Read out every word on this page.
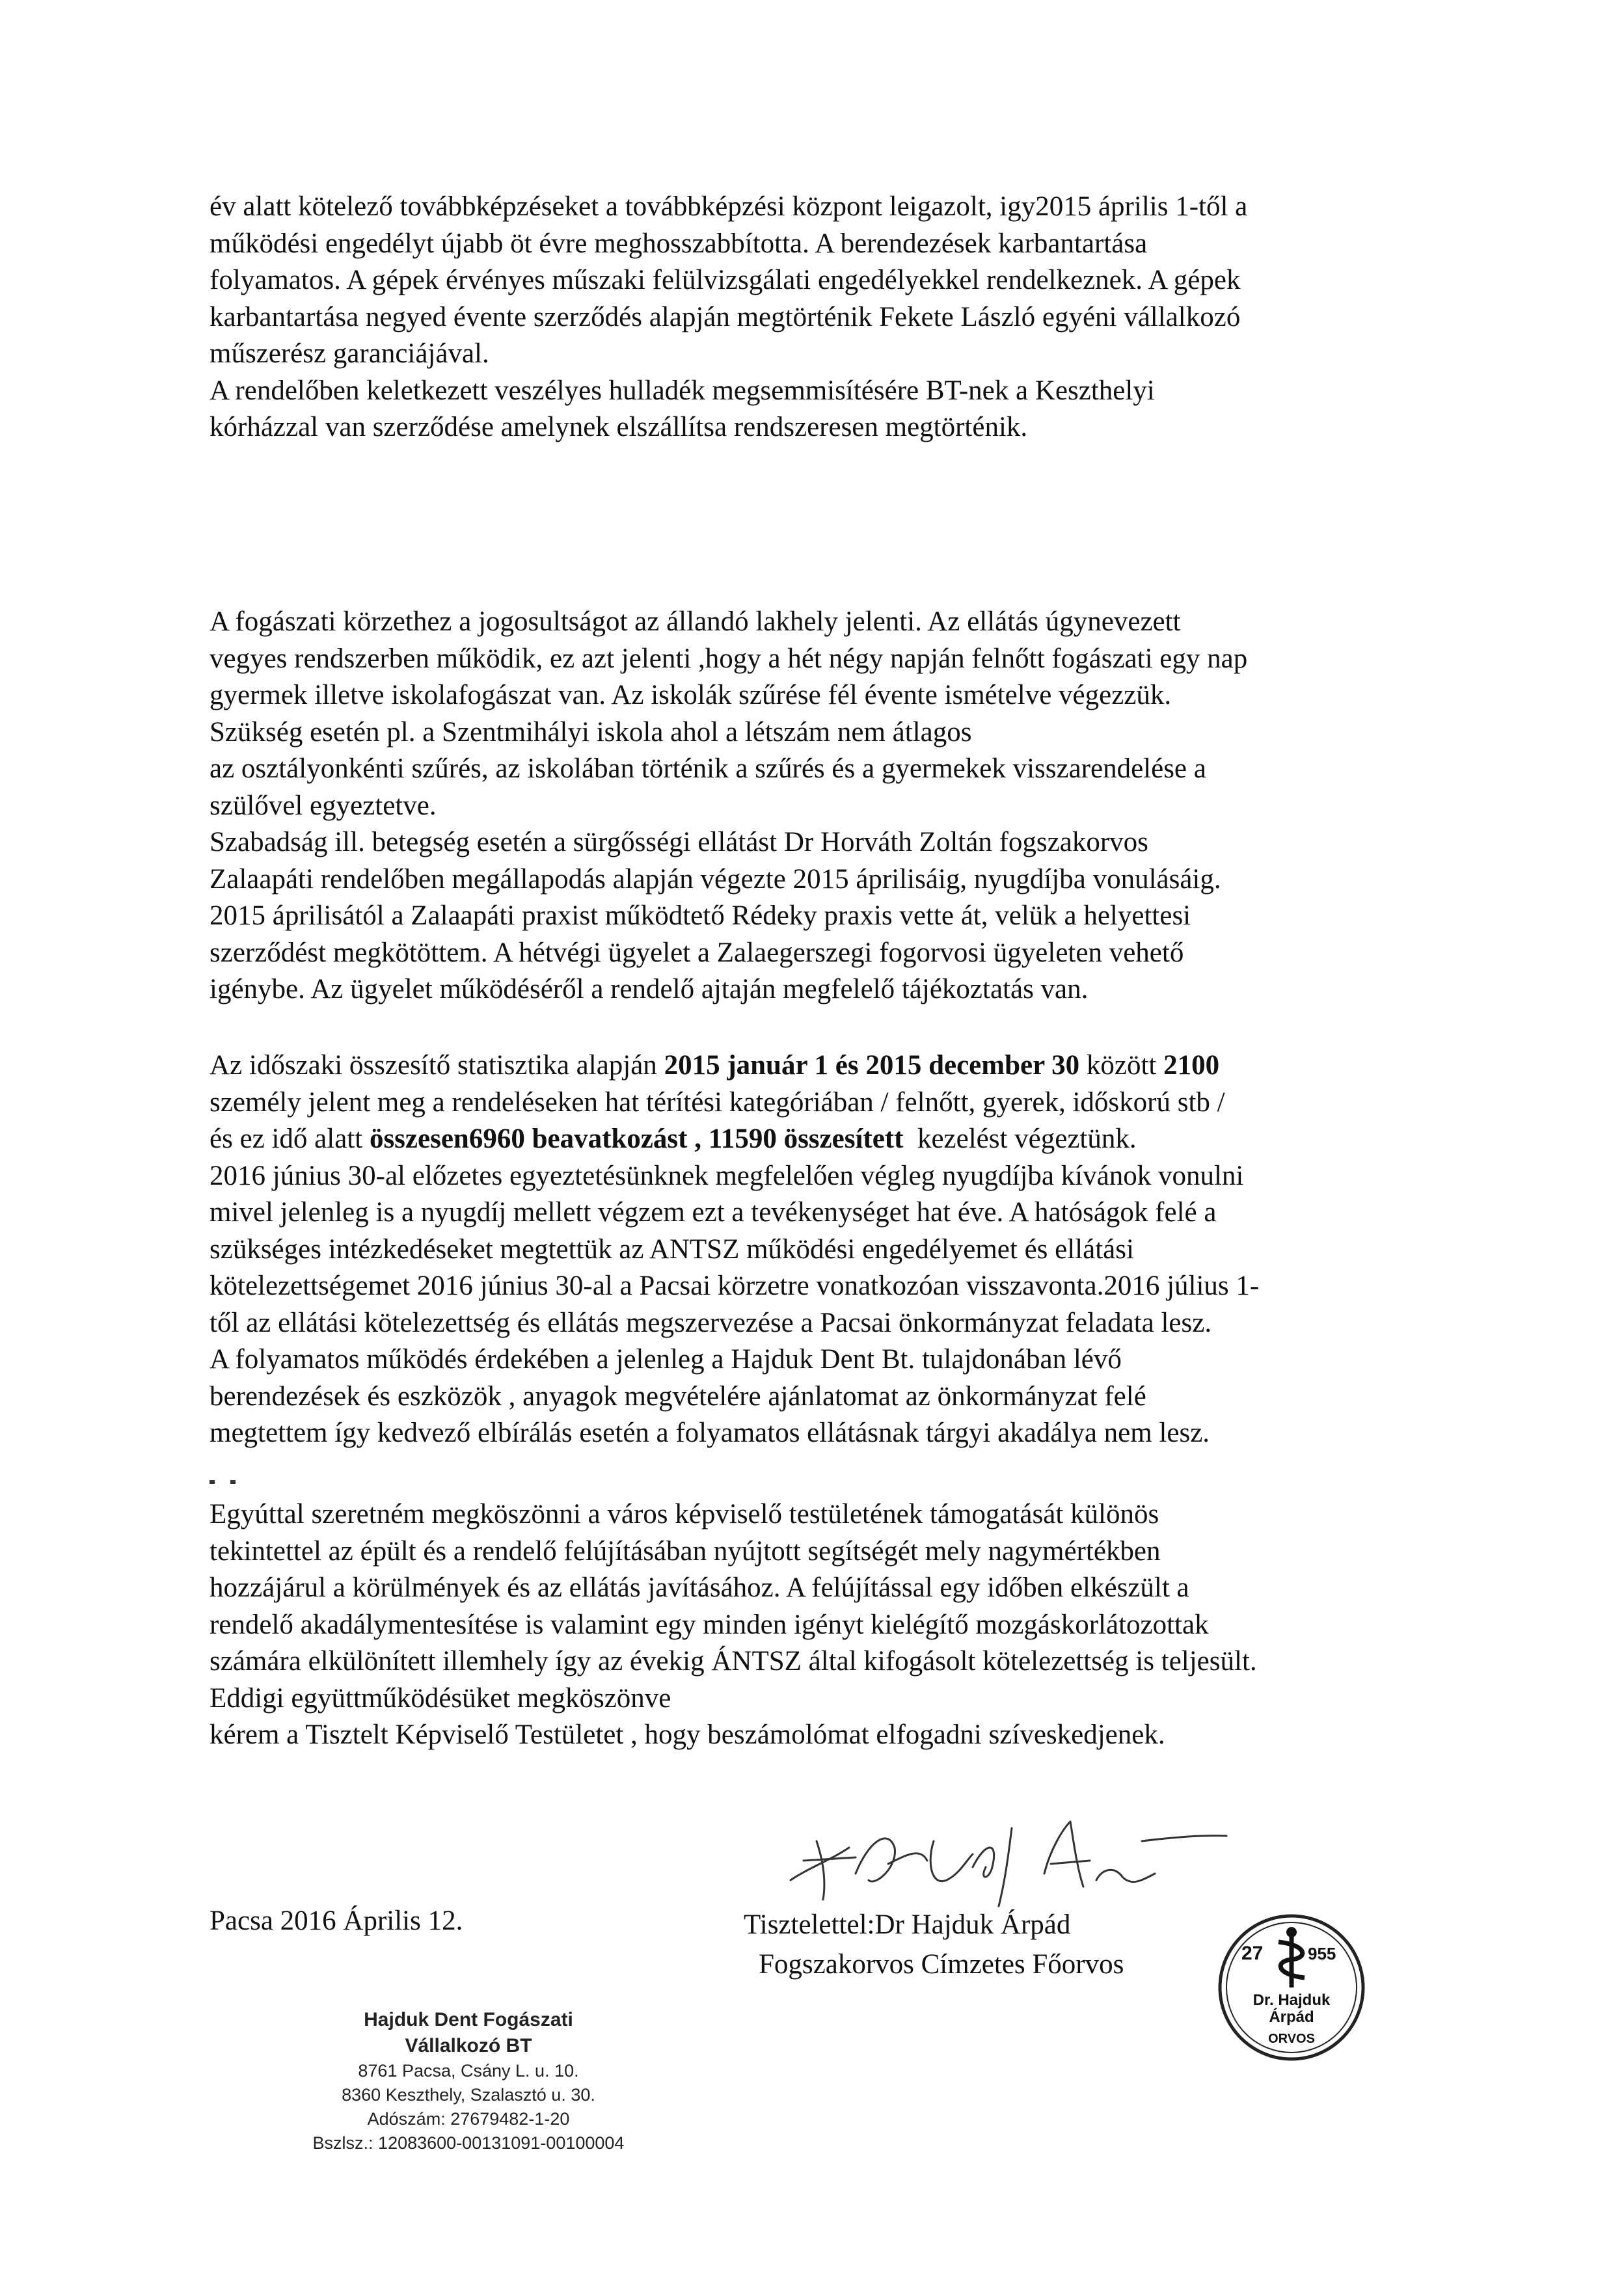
év alatt kötelező továbbképzéseket a továbbképzési központ leigazolt, igy2015 április 1-től a
működési engedélyt újabb öt évre meghosszabbította. A berendezések karbantartása
folyamatos. A gépek érvényes műszaki felülvizsgálati engedélyekkel rendelkeznek. A gépek
karbantartása negyed évente szerződés alapján megtörténik Fekete László egyéni vállalkozó
műszerész garanciájával.
A rendelőben keletkezett veszélyes hulladék megsemmisítésére BT-nek a Keszthelyi
kórházzal van szerződése amelynek elszállítsa rendszeresen megtörténik.
A fogászati körzethez a jogosultságot az állandó lakhely jelenti. Az ellátás úgynevezett
vegyes rendszerben működik, ez azt jelenti ,hogy a hét négy napján felnőtt fogászati egy nap
gyermek illetve iskolafogászat van. Az iskolák szűrése fél évente ismételve végezzük.
Szükség esetén pl. a Szentmihályi iskola ahol a létszám nem átlagos
az osztályonkénti szűrés, az iskolában történik a szűrés és a gyermekek visszarendelése a
szülővel egyeztetve.
Szabadság ill. betegség esetén a sürgősségi ellátást Dr Horváth Zoltán fogszakorvos
Zalaapáti rendelőben megállapodás alapján végezte 2015 áprilisáig, nyugdíjba vonulásáig.
2015 áprilisától a Zalaapáti praxist működtető Rédeky praxis vette át, velük a helyettesi
szerződést megkötöttem. A hétvégi ügyelet a Zalaegerszegi fogorvosi ügyeleten vehető
igénybe. Az ügyelet működéséről a rendelő ajtaján megfelelő tájékoztatás van.
Az időszaki összesítő statisztika alapján 2015 január 1 és 2015 december 30 között 2100
személy jelent meg a rendeléseken hat térítési kategóriában / felnőtt, gyerek, időskorú stb /
és ez idő alatt összesen6960 beavatkozást , 11590 összesített  kezelést végeztünk.
2016 június 30-al előzetes egyeztetésünknek megfelelően végleg nyugdíjba kívánok vonulni
mivel jelenleg is a nyugdíj mellett végzem ezt a tevékenységet hat éve. A hatóságok felé a
szükséges intézkedéseket megtettük az ANTSZ működési engedélyemet és ellátási
kötelezettségemet 2016 június 30-al a Pacsai körzetre vonatkozóan visszavonta.2016 július 1-
től az ellátási kötelezettség és ellátás megszervezése a Pacsai önkormányzat feladata lesz.
A folyamatos működés érdekében a jelenleg a Hajduk Dent Bt. tulajdonában lévő
berendezések és eszközök , anyagok megvételére ajánlatomat az önkormányzat felé
megtettem így kedvező elbírálás esetén a folyamatos ellátásnak tárgyi akadálya nem lesz.
Egyúttal szeretném megköszönni a város képviselő testületének támogatását különös
tekintettel az épült és a rendelő felújításában nyújtott segítségét mely nagymértékben
hozzájárul a körülmények és az ellátás javításához. A felújítással egy időben elkészült a
rendelő akadálymentesítése is valamint egy minden igényt kielégítő mozgáskorlátozottak
számára elkülönített illemhely így az évekig ÁNTSZ által kifogásolt kötelezettség is teljesült.
Eddigi együttműködésüket megköszönve
kérem a Tisztelt Képviselő Testületet , hogy beszámolómat elfogadni szíveskedjenek.
Pacsa 2016 Április 12.	Tisztelettel:Dr Hajduk Árpád
Fogszakorvos Címzetes Főorvos	27	955
Dr. Hajduk
Árpád
ORVOS
Hajduk Dent Fogászati
Vállalkozó BT
8761 Pacsa, Csány L. u. 10.
8360 Keszthely, Szalasztó u. 30.
Adószám: 27679482-1-20
Bszlsz.: 12083600-00131091-00100004
